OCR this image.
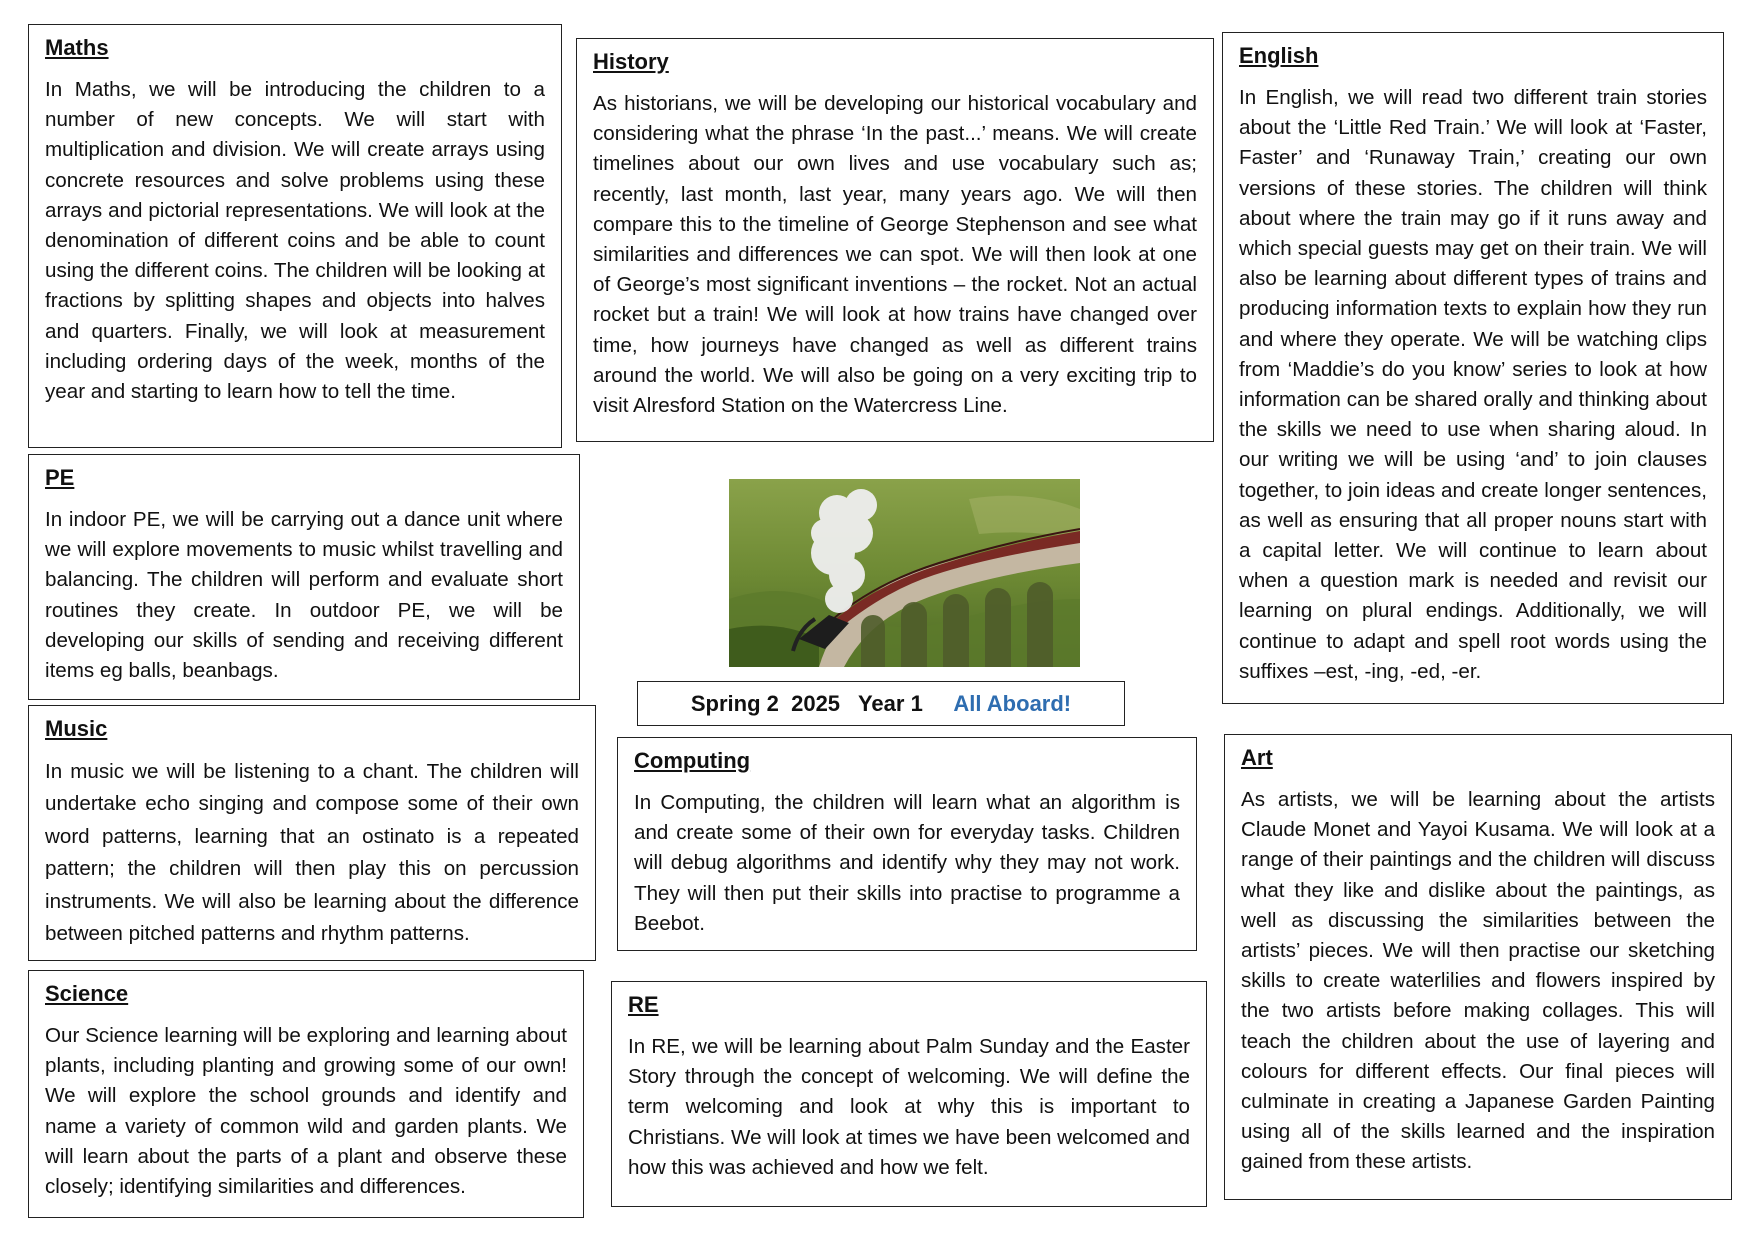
Maths

In Maths, we will be introducing the children to a number of new concepts. We will start with multiplication and division. We will create arrays using concrete resources and solve problems using these arrays and pictorial representations. We will look at the denomination of different coins and be able to count using the different coins. The children will be looking at fractions by splitting shapes and objects into halves and quarters. Finally, we will look at measurement including ordering days of the week, months of the year and starting to learn how to tell the time.

History

As historians, we will be developing our historical vocabulary and considering what the phrase ‘In the past...’ means. We will create timelines about our own lives and use vocabulary such as; recently, last month, last year, many years ago. We will then compare this to the timeline of George Stephenson and see what similarities and differences we can spot. We will then look at one of George’s most significant inventions – the rocket. Not an actual rocket but a train! We will look at how trains have changed over time, how journeys have changed as well as different trains around the world. We will also be going on a very exciting trip to visit Alresford Station on the Watercress Line.

English

In English, we will read two different train stories about the ‘Little Red Train.’ We will look at ‘Faster, Faster’ and ‘Runaway Train,’ creating our own versions of these stories. The children will think about where the train may go if it runs away and which special guests may get on their train. We will also be learning about different types of trains and producing information texts to explain how they run and where they operate. We will be watching clips from ‘Maddie’s do you know’ series to look at how information can be shared orally and thinking about the skills we need to use when sharing aloud. In our writing we will be using ‘and’ to join clauses together, to join ideas and create longer sentences, as well as ensuring that all proper nouns start with a capital letter. We will continue to learn about when a question mark is needed and revisit our learning on plural endings. Additionally, we will continue to adapt and spell root words using the suffixes –est, -ing, -ed, -er.

PE

In indoor PE, we will be carrying out a dance unit where we will explore movements to music whilst travelling and balancing. The children will perform and evaluate short routines they create. In outdoor PE, we will be developing our skills of sending and receiving different items eg balls, beanbags.

Spring 2  2025   Year 1
All Aboard!
Music

In music we will be listening to a chant. The children will undertake echo singing and compose some of their own word patterns, learning that an ostinato is a repeated pattern; the children will then play this on percussion instruments. We will also be learning about the difference between pitched patterns and rhythm patterns.

Computing

In Computing, the children will learn what an algorithm is and create some of their own for everyday tasks. Children will debug algorithms and identify why they may not work. They will then put their skills into practise to programme a Beebot.

Art

As artists, we will be learning about the artists Claude Monet and Yayoi Kusama. We will look at a range of their paintings and the children will discuss what they like and dislike about the paintings, as well as discussing the similarities between the artists’ pieces. We will then practise our sketching skills to create waterlilies and flowers inspired by the two artists before making collages. This will teach the children about the use of layering and colours for different effects. Our final pieces will culminate in creating a Japanese Garden Painting using all of the skills learned and the inspiration gained from these artists.

Science

Our Science learning will be exploring and learning about plants, including planting and growing some of our own! We will explore the school grounds and identify and name a variety of common wild and garden plants. We will learn about the parts of a plant and observe these closely; identifying similarities and differences.

RE

In RE, we will be learning about Palm Sunday and the Easter Story through the concept of welcoming. We will define the term welcoming and look at why this is important to Christians. We will look at times we have been welcomed and how this was achieved and how we felt.
